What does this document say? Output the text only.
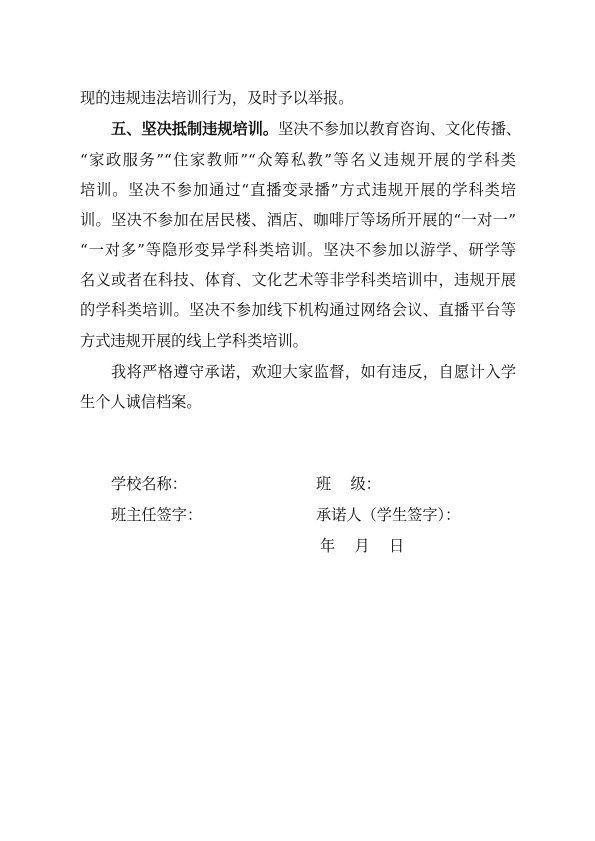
现的违规违法培训行为，及时予以举报。
五、坚决抵制违规培训。坚决不参加以教育咨询、文化传播、
“家政服务”“住家教师”“众筹私教”等名义违规开展的学科类
培训。坚决不参加通过“直播变录播”方式违规开展的学科类培
训。坚决不参加在居民楼、酒店、咖啡厅等场所开展的“一对一”
“一对多”等隐形变异学科类培训。坚决不参加以游学、研学等
名义或者在科技、体育、文化艺术等非学科类培训中，违规开展
的学科类培训。坚决不参加线下机构通过网络会议、直播平台等
方式违规开展的线上学科类培训。
我将严格遵守承诺，欢迎大家监督，如有违反，自愿计入学
生个人诚信档案。
学校名称：	班    级：
班主任签字：	承诺人（学生签字）：
年    月    日
